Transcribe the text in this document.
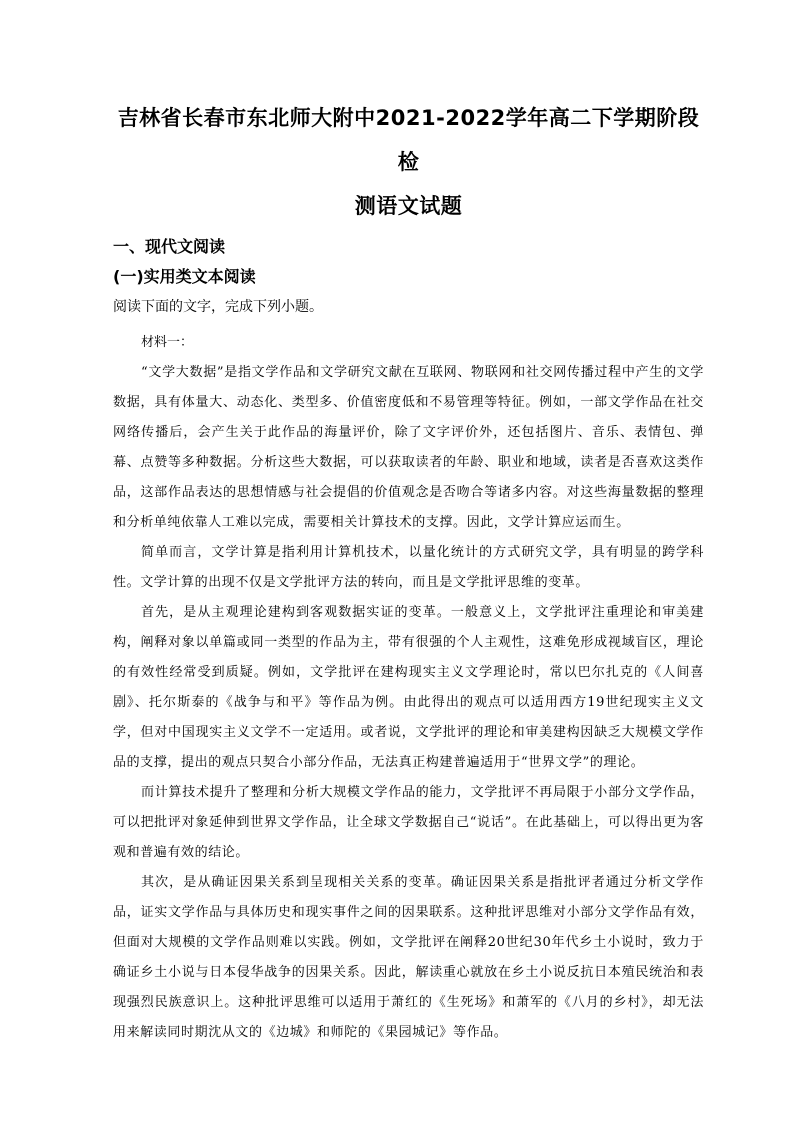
吉林省长春市东北师大附中2021-2022学年高二下学期阶段检
测语文试题

一、现代文阅读

(一)实用类文本阅读

阅读下面的文字，完成下列小题。

材料一：

“文学大数据”是指文学作品和文学研究文献在互联网、物联网和社交网传播过程中产生的文学数据，具有体量大、动态化、类型多、价值密度低和不易管理等特征。例如，一部文学作品在社交网络传播后，会产生关于此作品的海量评价，除了文字评价外，还包括图片、音乐、表情包、弹幕、点赞等多种数据。分析这些大数据，可以获取读者的年龄、职业和地域，读者是否喜欢这类作品，这部作品表达的思想情感与社会提倡的价值观念是否吻合等诸多内容。对这些海量数据的整理和分析单纯依靠人工难以完成，需要相关计算技术的支撑。因此，文学计算应运而生。

简单而言，文学计算是指利用计算机技术，以量化统计的方式研究文学，具有明显的跨学科性。文学计算的出现不仅是文学批评方法的转向，而且是文学批评思维的变革。

首先，是从主观理论建构到客观数据实证的变革。一般意义上，文学批评注重理论和审美建构，阐释对象以单篇或同一类型的作品为主，带有很强的个人主观性，这难免形成视域盲区，理论的有效性经常受到质疑。例如，文学批评在建构现实主义文学理论时，常以巴尔扎克的《人间喜剧》、托尔斯泰的《战争与和平》等作品为例。由此得出的观点可以适用西方19世纪现实主义文学，但对中国现实主义文学不一定适用。或者说，文学批评的理论和审美建构因缺乏大规模文学作品的支撑，提出的观点只契合小部分作品，无法真正构建普遍适用于“世界文学”的理论。

而计算技术提升了整理和分析大规模文学作品的能力，文学批评不再局限于小部分文学作品，可以把批评对象延伸到世界文学作品，让全球文学数据自己“说话”。在此基础上，可以得出更为客观和普遍有效的结论。

其次，是从确证因果关系到呈现相关关系的变革。确证因果关系是指批评者通过分析文学作品，证实文学作品与具体历史和现实事件之间的因果联系。这种批评思维对小部分文学作品有效，但面对大规模的文学作品则难以实践。例如，文学批评在阐释20世纪30年代乡土小说时，致力于确证乡土小说与日本侵华战争的因果关系。因此，解读重心就放在乡土小说反抗日本殖民统治和表现强烈民族意识上。这种批评思维可以适用于萧红的《生死场》和萧军的《八月的乡村》，却无法用来解读同时期沈从文的《边城》和师陀的《果园城记》等作品。
